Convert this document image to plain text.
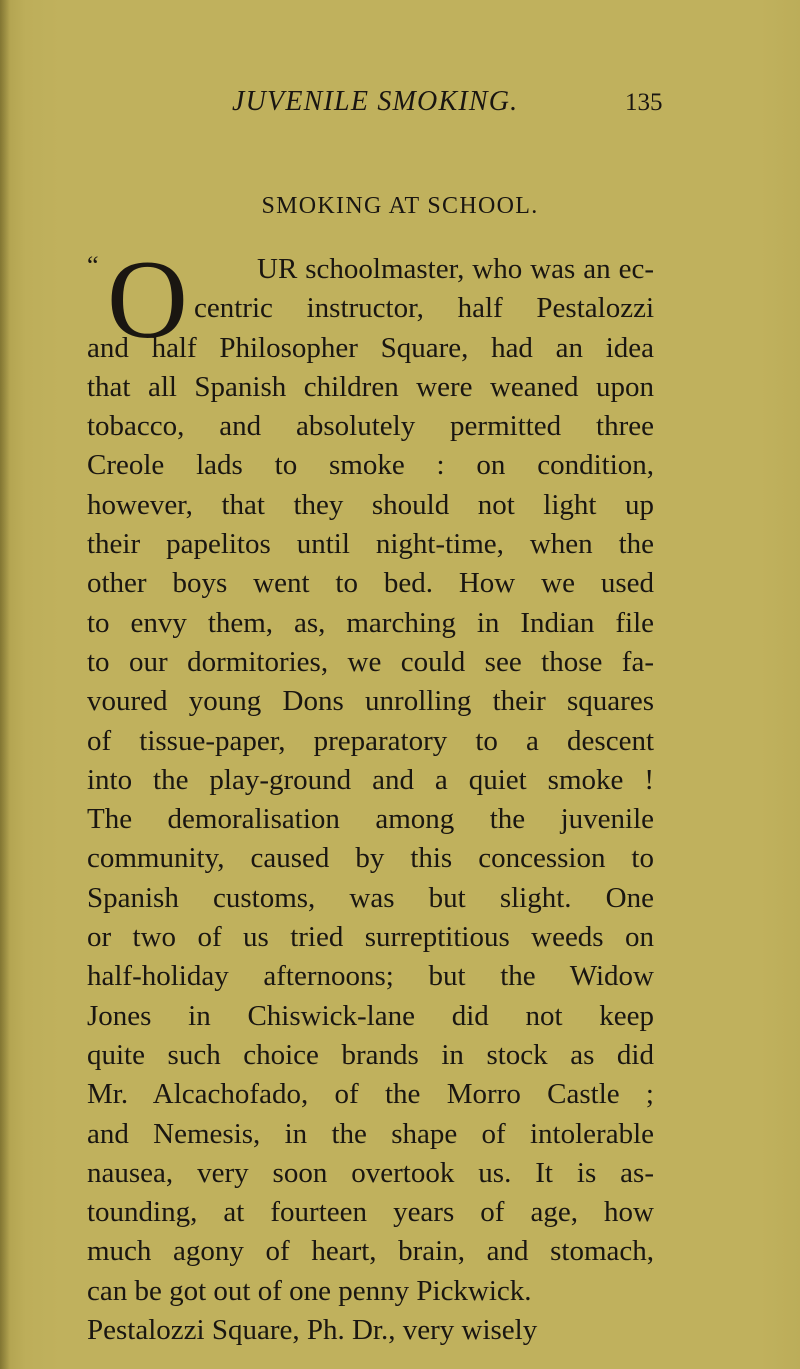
JUVENILE SMOKING.	135
SMOKING AT SCHOOL.
“ O UR schoolmaster, who was an ec-
centric instructor, half Pestalozzi
and half Philosopher Square, had an idea
that all Spanish children were weaned upon
tobacco, and absolutely permitted three
Creole lads to smoke : on condition,
however, that they should not light up
their papelitos until night-time, when the
other boys went to bed. How we used
to envy them, as, marching in Indian file
to our dormitories, we could see those fa-
voured young Dons unrolling their squares
of tissue-paper, preparatory to a descent
into the play-ground and a quiet smoke !
The demoralisation among the juvenile
community, caused by this concession to
Spanish customs, was but slight. One
or two of us tried surreptitious weeds on
half-holiday afternoons; but the Widow
Jones in Chiswick-lane did not keep
quite such choice brands in stock as did
Mr. Alcachofado, of the Morro Castle ;
and Nemesis, in the shape of intolerable
nausea, very soon overtook us. It is as-
tounding, at fourteen years of age, how
much agony of heart, brain, and stomach,
can be got out of one penny Pickwick.
Pestalozzi Square, Ph. Dr., very wisely
